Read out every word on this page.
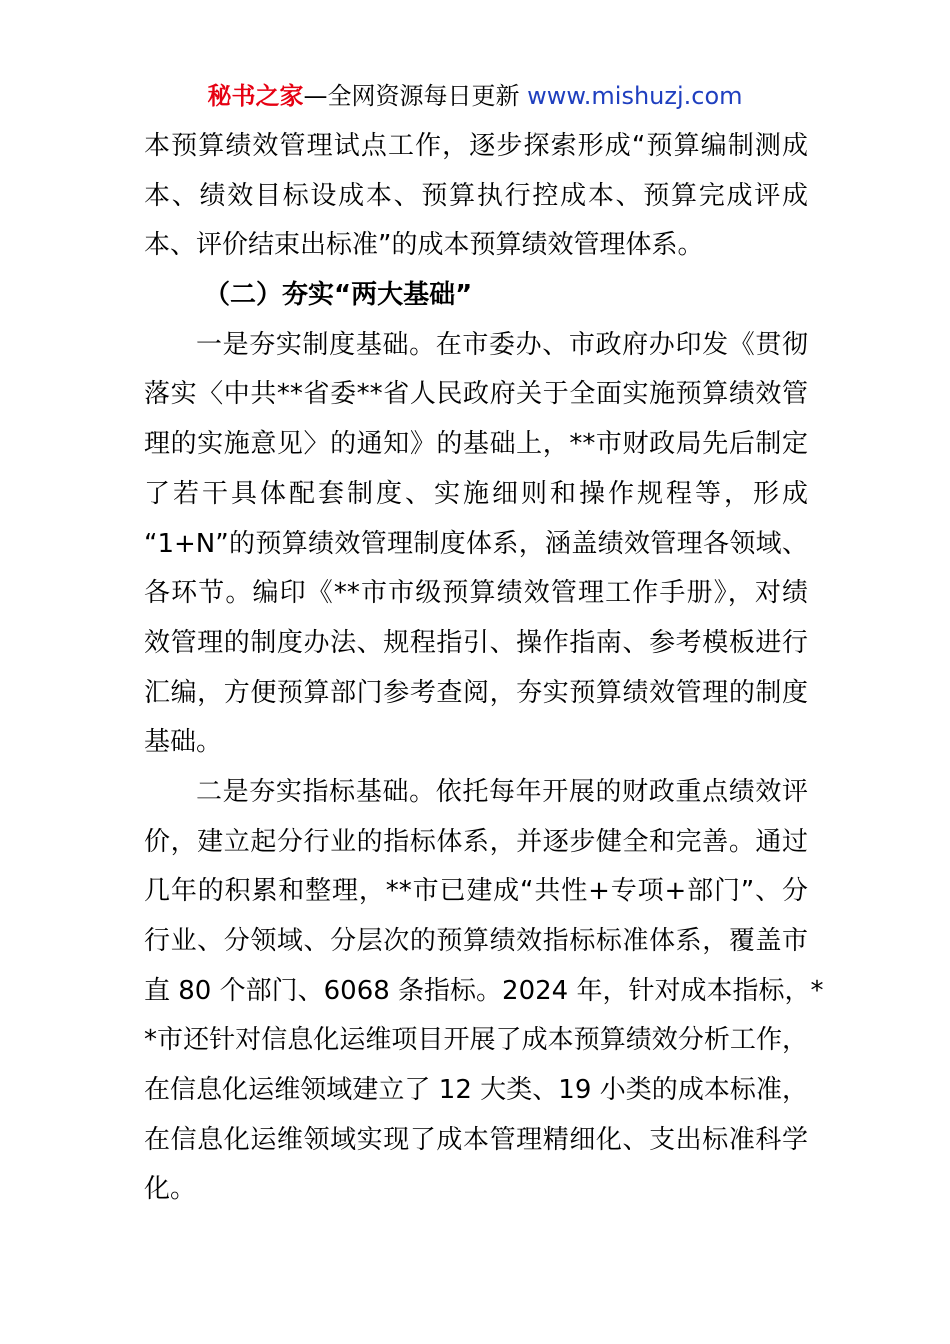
秘书之家—全网资源每日更新 www.mishuzj.com
本预算绩效管理试点工作，逐步探索形成“预算编制测成
本、绩效目标设成本、预算执行控成本、预算完成评成
本、评价结束出标准”的成本预算绩效管理体系。
（二）夯实“两大基础”
一是夯实制度基础。在市委办、市政府办印发《贯彻
落实〈中共**省委**省人民政府关于全面实施预算绩效管
理的实施意见〉的通知》的基础上，**市财政局先后制定
了若干具体配套制度、实施细则和操作规程等，形成
“1+N”的预算绩效管理制度体系，涵盖绩效管理各领域、
各环节。编印《**市市级预算绩效管理工作手册》，对绩
效管理的制度办法、规程指引、操作指南、参考模板进行
汇编，方便预算部门参考查阅，夯实预算绩效管理的制度
基础。
二是夯实指标基础。依托每年开展的财政重点绩效评
价，建立起分行业的指标体系，并逐步健全和完善。通过
几年的积累和整理，**市已建成“共性+专项+部门”、分
行业、分领域、分层次的预算绩效指标标准体系，覆盖市
直 80 个部门、6068 条指标。2024 年，针对成本指标，*
*市还针对信息化运维项目开展了成本预算绩效分析工作，
在信息化运维领域建立了 12 大类、19 小类的成本标准，
在信息化运维领域实现了成本管理精细化、支出标准科学
化。
